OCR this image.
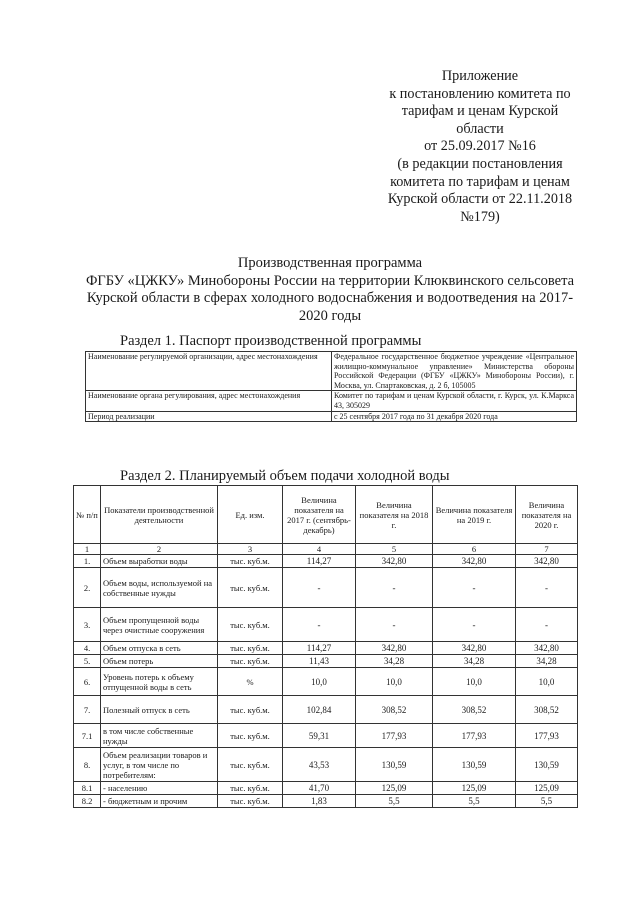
Приложение
к постановлению комитета по
тарифам и ценам Курской
области
от 25.09.2017 №16
(в редакции постановления
комитета по тарифам и ценам
Курской области от 22.11.2018
№179)
Производственная программа
ФГБУ «ЦЖКУ» Минобороны России на территории Клюквинского сельсовета
Курской области в сферах холодного водоснабжения и водоотведения на 2017-
2020 годы
Раздел 1. Паспорт производственной программы
Наименование регулируемой организации, адрес местонахождения	Федеральное государственное бюджетное учреждение «Центральное жилищно-коммунальное управление» Министерства обороны Российской Федерации (ФГБУ «ЦЖКУ» Минобороны России), г. Москва, ул. Спартаковская, д. 2 б, 105005
Наименование органа регулирования, адрес местонахождения	Комитет по тарифам и ценам Курской области, г. Курск, ул. К.Маркса 43, 305029
Период реализации	с 25 сентября 2017 года по 31 декабря 2020 года
Раздел 2. Планируемый объем подачи холодной воды
№ п/п	Показатели производственной деятельности	Ед. изм.	Величина показателя на 2017 г. (сентябрь-декабрь)	Величина показателя на 2018 г.	Величина показателя на 2019 г.	Величина показателя на 2020 г.
1	2	3	4	5	6	7
1.	Объем выработки воды	тыс. куб.м.	114,27	342,80	342,80	342,80
2.	Объем воды, используемой на собственные нужды	тыс. куб.м.	-	-	-	-
3.	Объем пропущенной воды через очистные сооружения	тыс. куб.м.	-	-	-	-
4.	Объем отпуска в сеть	тыс. куб.м.	114,27	342,80	342,80	342,80
5.	Объем потерь	тыс. куб.м.	11,43	34,28	34,28	34,28
6.	Уровень потерь к объему отпущенной воды в сеть	%	10,0	10,0	10,0	10,0
7.	Полезный отпуск в сеть	тыс. куб.м.	102,84	308,52	308,52	308,52
7.1	в том числе собственные нужды	тыс. куб.м.	59,31	177,93	177,93	177,93
8.	Объем реализации товаров и услуг, в том числе по потребителям:	тыс. куб.м.	43,53	130,59	130,59	130,59
8.1	- населению	тыс. куб.м.	41,70	125,09	125,09	125,09
8.2	- бюджетным и прочим	тыс. куб.м.	1,83	5,5	5,5	5,5
